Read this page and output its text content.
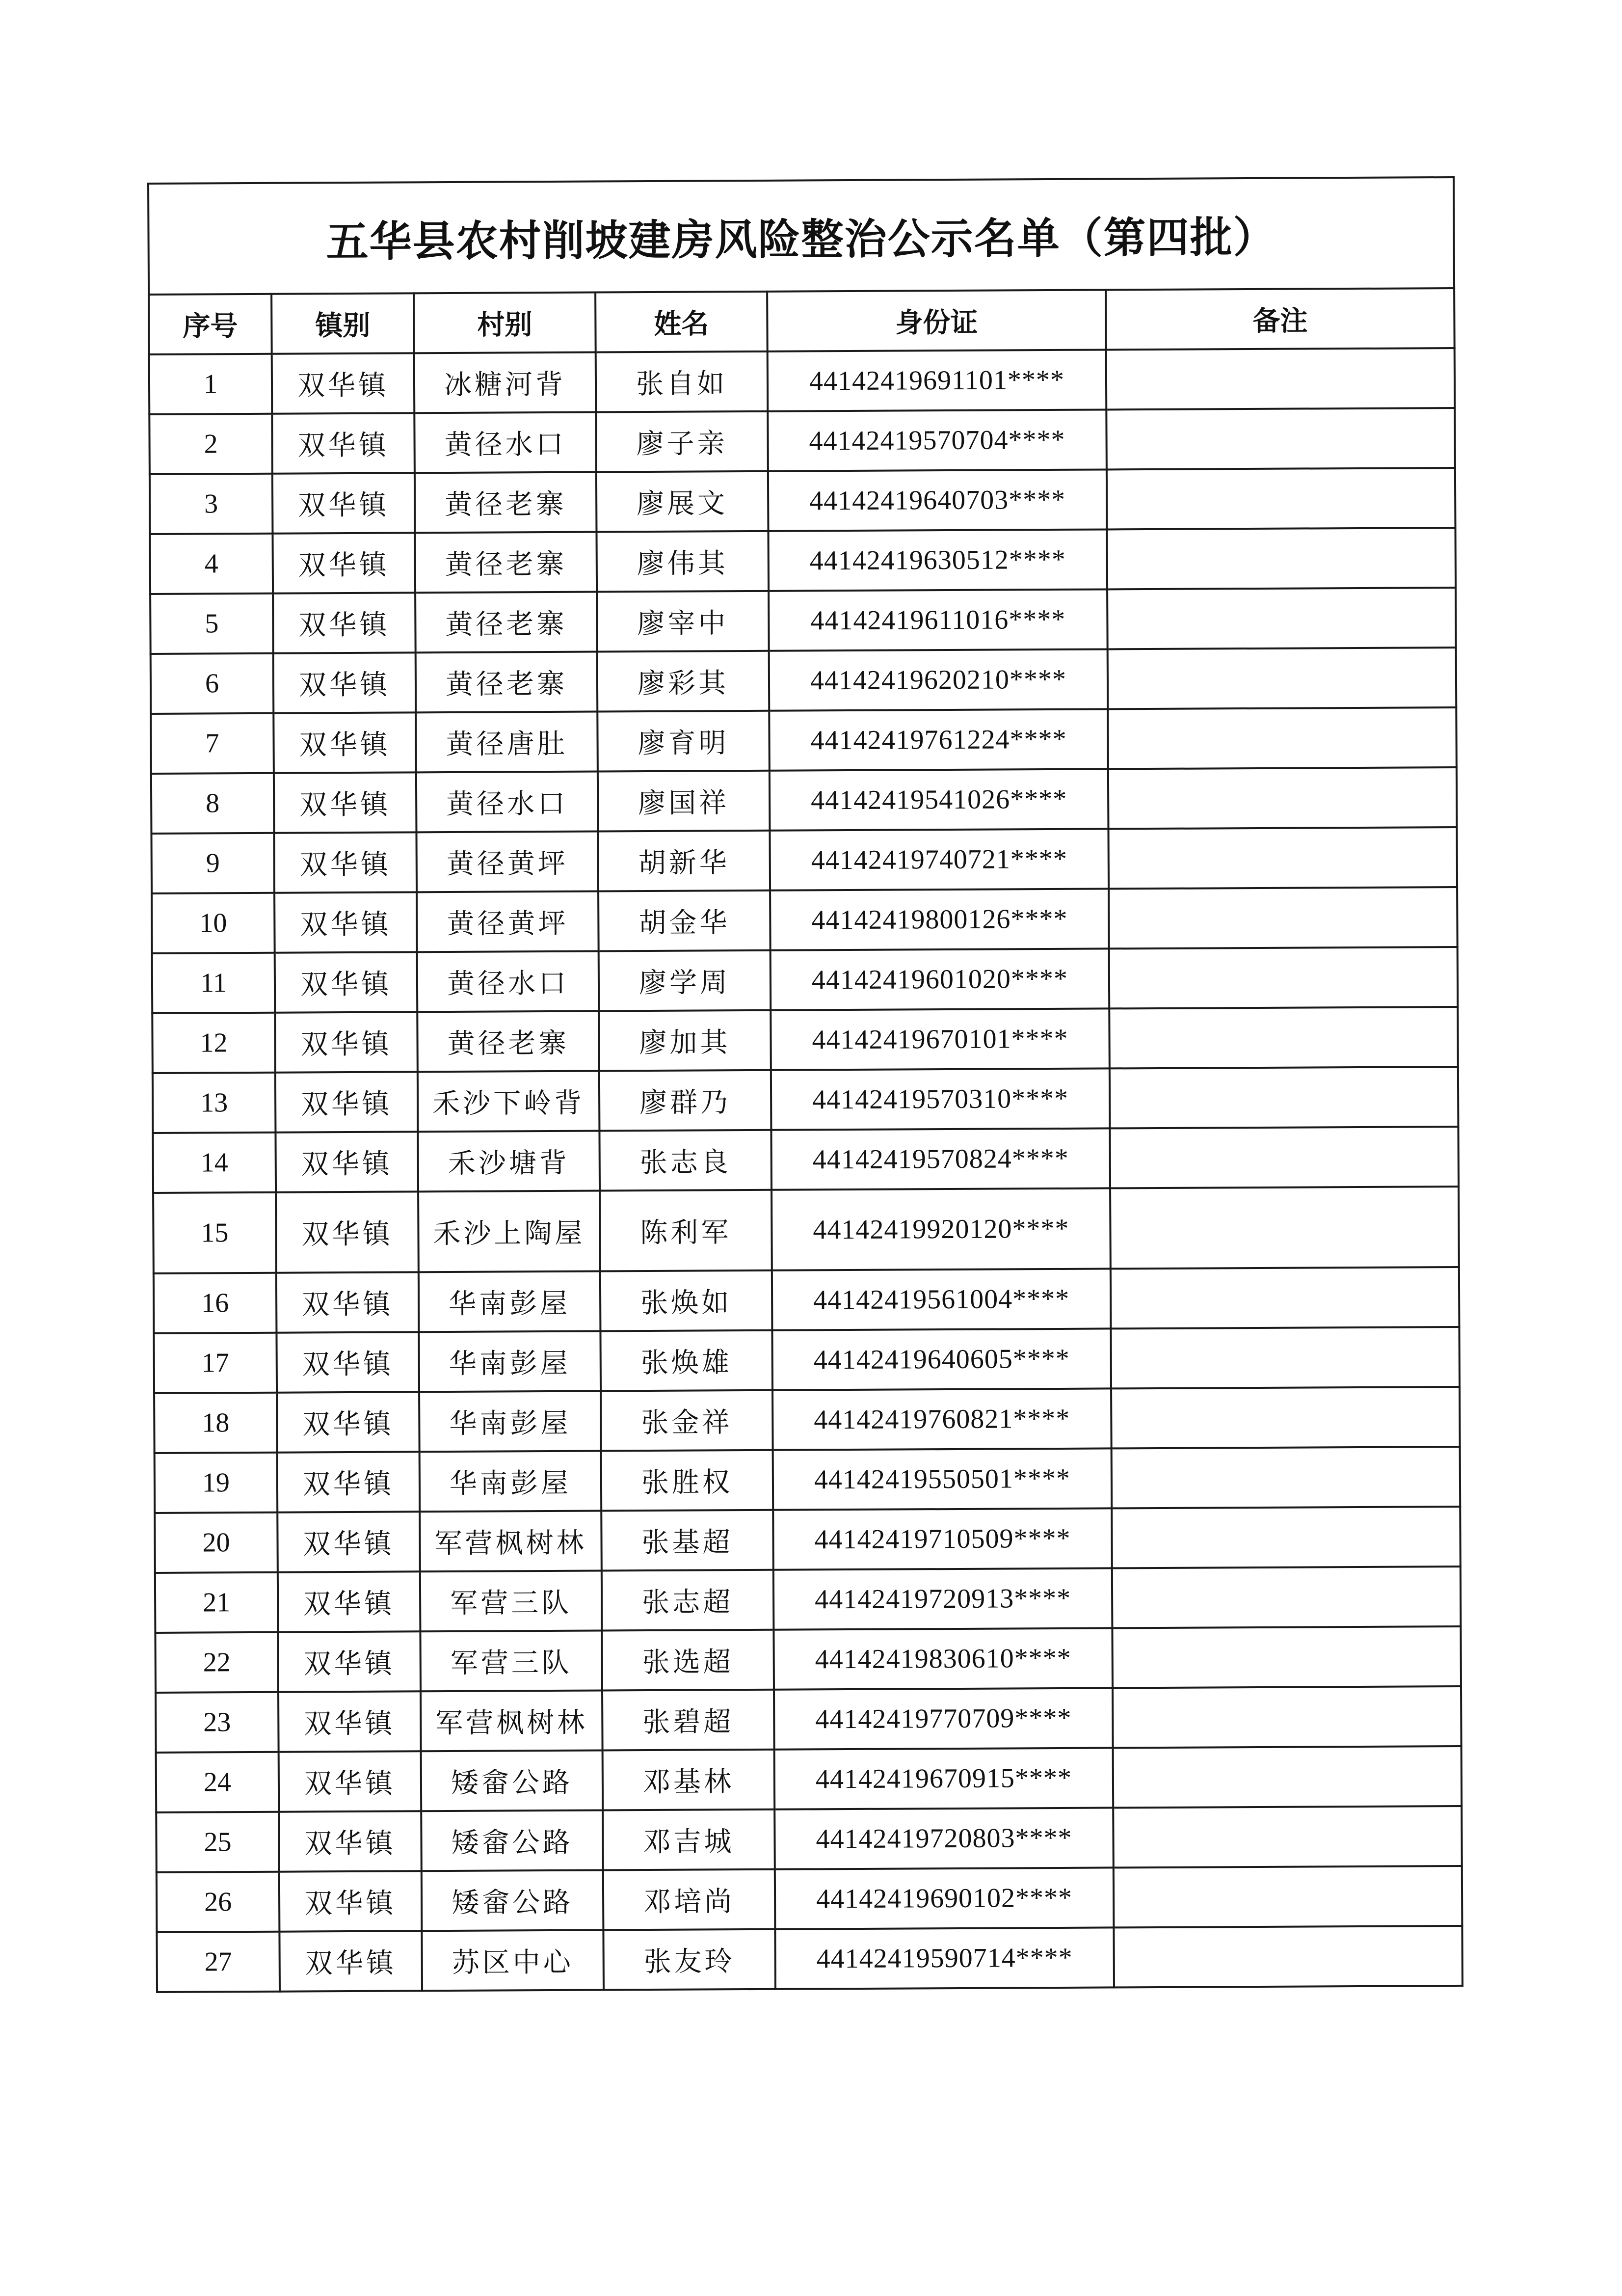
五华县农村削坡建房风险整治公示名单（第四批）					
序号	镇别	村别	姓名	身份证	备注
1	双华镇	冰糖河背	张自如	44142419691101****	
2	双华镇	黄径水口	廖子亲	44142419570704****	
3	双华镇	黄径老寨	廖展文	44142419640703****	
4	双华镇	黄径老寨	廖伟其	44142419630512****	
5	双华镇	黄径老寨	廖宰中	44142419611016****	
6	双华镇	黄径老寨	廖彩其	44142419620210****	
7	双华镇	黄径唐肚	廖育明	44142419761224****	
8	双华镇	黄径水口	廖国祥	44142419541026****	
9	双华镇	黄径黄坪	胡新华	44142419740721****	
10	双华镇	黄径黄坪	胡金华	44142419800126****	
11	双华镇	黄径水口	廖学周	44142419601020****	
12	双华镇	黄径老寨	廖加其	44142419670101****	
13	双华镇	禾沙下岭背	廖群乃	44142419570310****	
14	双华镇	禾沙塘背	张志良	44142419570824****	
15	双华镇	禾沙上陶屋	陈利军	44142419920120****	
16	双华镇	华南彭屋	张焕如	44142419561004****	
17	双华镇	华南彭屋	张焕雄	44142419640605****	
18	双华镇	华南彭屋	张金祥	44142419760821****	
19	双华镇	华南彭屋	张胜权	44142419550501****	
20	双华镇	军营枫树林	张基超	44142419710509****	
21	双华镇	军营三队	张志超	44142419720913****	
22	双华镇	军营三队	张选超	44142419830610****	
23	双华镇	军营枫树林	张碧超	44142419770709****	
24	双华镇	矮畲公路	邓基林	44142419670915****	
25	双华镇	矮畲公路	邓吉城	44142419720803****	
26	双华镇	矮畲公路	邓培尚	44142419690102****	
27	双华镇	苏区中心	张友玲	44142419590714****	
